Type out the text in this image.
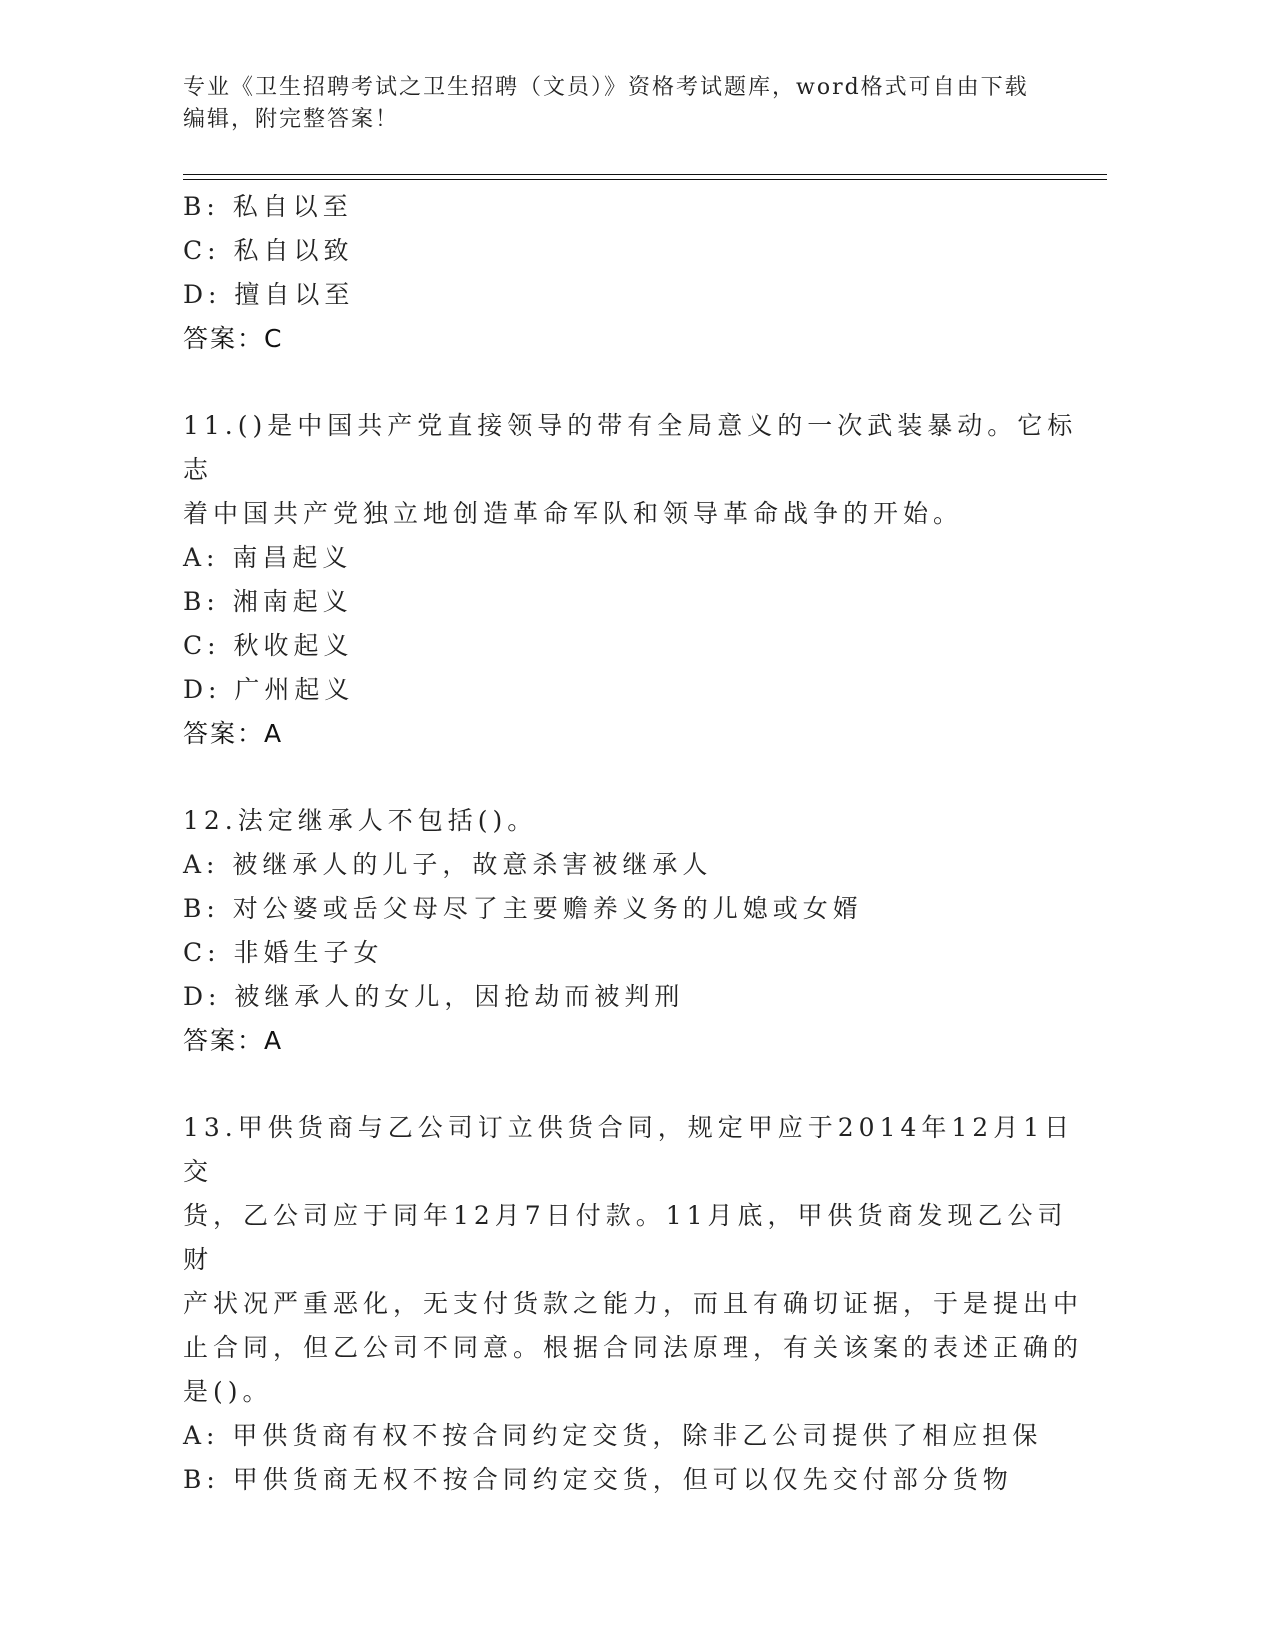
专业《卫生招聘考试之卫生招聘（文员）》资格考试题库，word格式可自由下载
编辑，附完整答案！
B: 私自以至
C: 私自以致
D: 擅自以至
答案：C
11.()是中国共产党直接领导的带有全局意义的一次武装暴动。它标志
着中国共产党独立地创造革命军队和领导革命战争的开始。
A: 南昌起义
B: 湘南起义
C: 秋收起义
D: 广州起义
答案：A
12.法定继承人不包括()。
A: 被继承人的儿子，故意杀害被继承人
B: 对公婆或岳父母尽了主要赡养义务的儿媳或女婿
C: 非婚生子女
D: 被继承人的女儿，因抢劫而被判刑
答案：A
13.甲供货商与乙公司订立供货合同，规定甲应于2014年12月1日交
货，乙公司应于同年12月7日付款。11月底，甲供货商发现乙公司财
产状况严重恶化，无支付货款之能力，而且有确切证据，于是提出中
止合同，但乙公司不同意。根据合同法原理，有关该案的表述正确的
是()。
A: 甲供货商有权不按合同约定交货，除非乙公司提供了相应担保
B: 甲供货商无权不按合同约定交货，但可以仅先交付部分货物
